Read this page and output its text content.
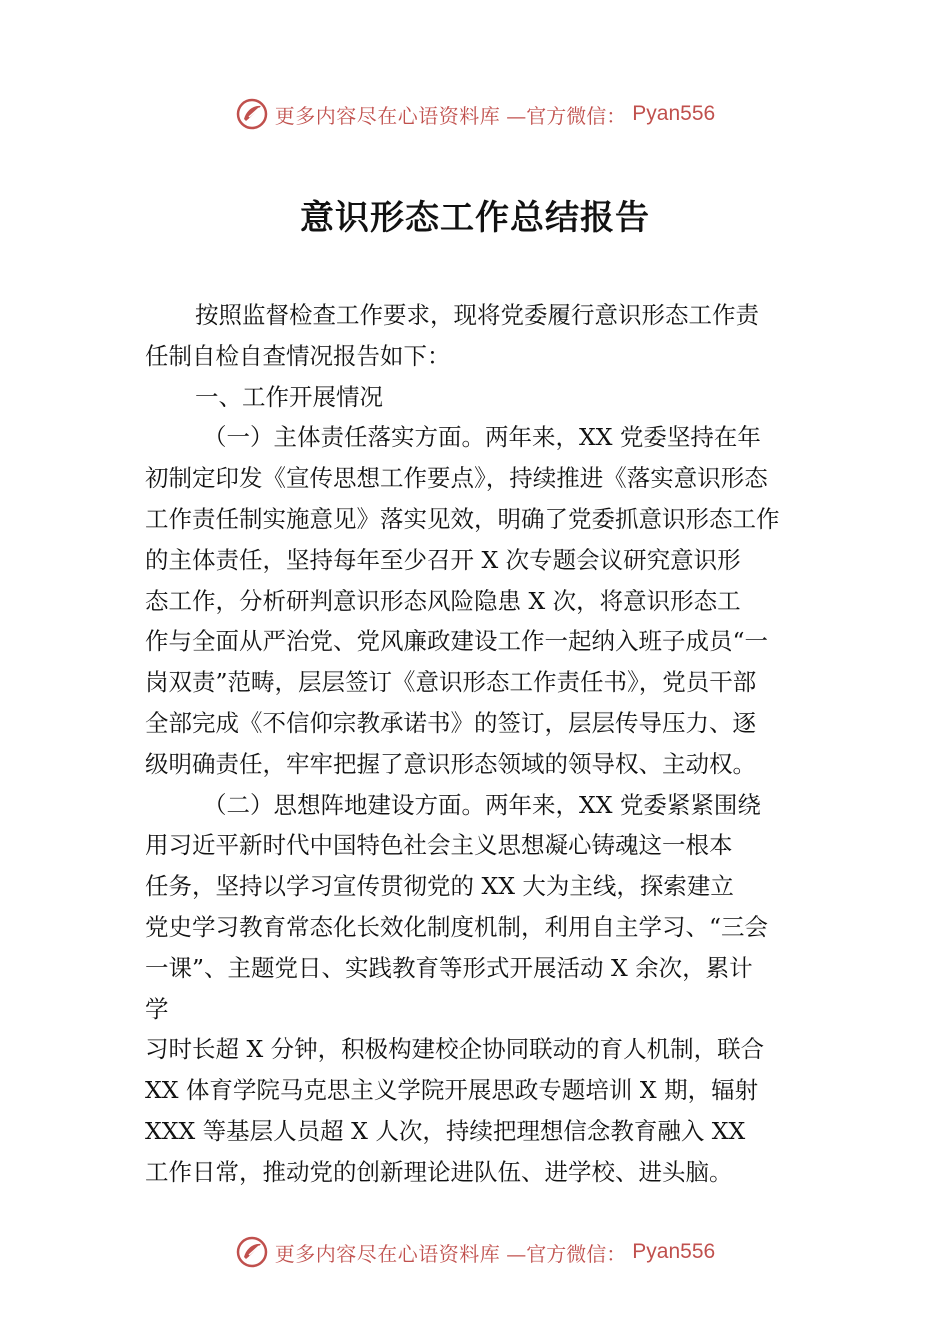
更多内容尽在心语资料库 —官方微信： Pyan556
意识形态工作总结报告
按照监督检查工作要求，现将党委履行意识形态工作责
任制自检自查情况报告如下：
一、工作开展情况
（一）主体责任落实方面。两年来，XX 党委坚持在年
初制定印发《宣传思想工作要点》，持续推进《落实意识形态
工作责任制实施意见》落实见效，明确了党委抓意识形态工作
的主体责任，坚持每年至少召开 X 次专题会议研究意识形
态工作，分析研判意识形态风险隐患 X 次，将意识形态工
作与全面从严治党、党风廉政建设工作一起纳入班子成员“一
岗双责”范畴，层层签订《意识形态工作责任书》，党员干部
全部完成《不信仰宗教承诺书》的签订，层层传导压力、逐
级明确责任，牢牢把握了意识形态领域的领导权、主动权。
（二）思想阵地建设方面。两年来，XX 党委紧紧围绕
用习近平新时代中国特色社会主义思想凝心铸魂这一根本
任务，坚持以学习宣传贯彻党的 XX 大为主线，探索建立
党史学习教育常态化长效化制度机制，利用自主学习、“三会
一课”、主题党日、实践教育等形式开展活动 X 余次，累计
学
习时长超 X 分钟，积极构建校企协同联动的育人机制，联合
XX 体育学院马克思主义学院开展思政专题培训 X 期，辐射
XXX 等基层人员超 X 人次，持续把理想信念教育融入 XX
工作日常，推动党的创新理论进队伍、进学校、进头脑。
更多内容尽在心语资料库 —官方微信： Pyan556
